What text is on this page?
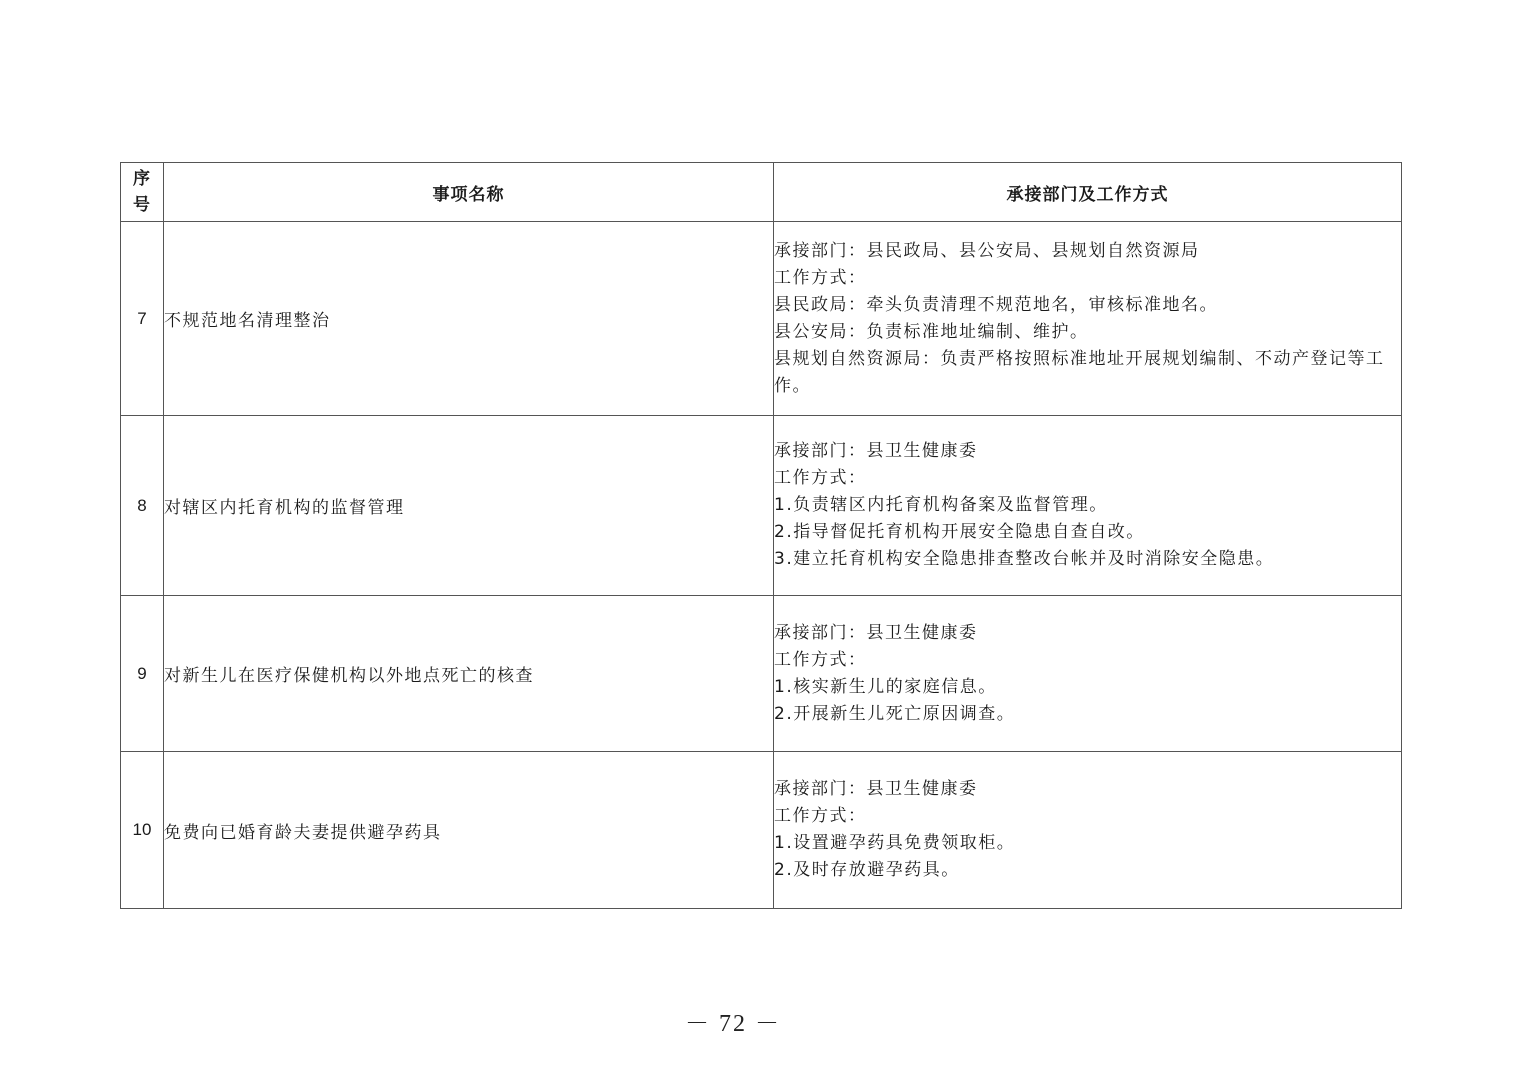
序
号	事项名称	承接部门及工作方式
7	不规范地名清理整治	承接部门：县民政局、县公安局、县规划自然资源局
工作方式：
县民政局：牵头负责清理不规范地名，审核标准地名。
县公安局：负责标准地址编制、维护。
县规划自然资源局：负责严格按照标准地址开展规划编制、不动产登记等工作。

8	对辖区内托育机构的监督管理	承接部门：县卫生健康委
工作方式：
1.负责辖区内托育机构备案及监督管理。
2.指导督促托育机构开展安全隐患自查自改。
3.建立托育机构安全隐患排查整改台帐并及时消除安全隐患。

9	对新生儿在医疗保健机构以外地点死亡的核查	承接部门：县卫生健康委
工作方式：
1.核实新生儿的家庭信息。
2.开展新生儿死亡原因调查。

10	免费向已婚育龄夫妻提供避孕药具	承接部门：县卫生健康委
工作方式：
1.设置避孕药具免费领取柜。
2.及时存放避孕药具。
－ 72 －
